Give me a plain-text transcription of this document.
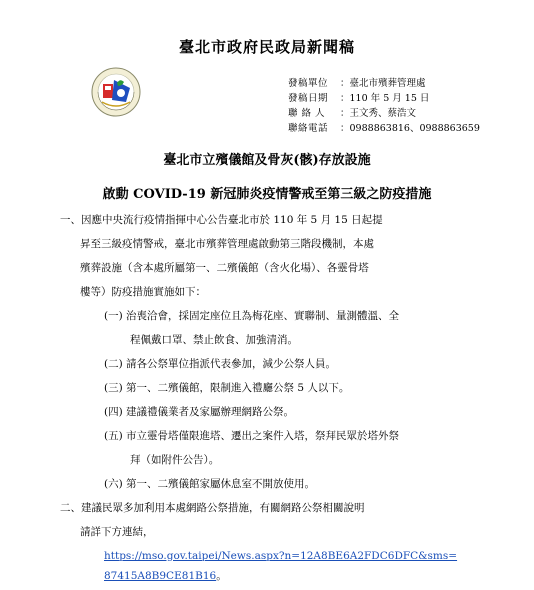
臺北市政府民政局新聞稿
發稿單位 ：臺北市殯葬管理處
發稿日期 ：110 年 5 月 15 日
聯 絡 人 ：王文秀、蔡浩文
聯絡電話 ：0988863816、0988863659
臺北市立殯儀館及骨灰(骸)存放設施
啟動 COVID-19 新冠肺炎疫情警戒至第三級之防疫措施
一、因應中央流行疫情指揮中心公告臺北市於 110 年 5 月 15 日起提
昇至三級疫情警戒，臺北市殯葬管理處啟動第三階段機制，本處
殯葬設施（含本處所屬第一、二殯儀館（含火化場）、各靈骨塔
樓等）防疫措施實施如下：
(一) 治喪洽會，採固定座位且為梅花座、實聯制、量測體溫、全
程佩戴口罩、禁止飲食、加強清消。
(二) 請各公祭單位指派代表參加，減少公祭人員。
(三) 第一、二殯儀館，限制進入禮廳公祭 5 人以下。
(四) 建議禮儀業者及家屬辦理網路公祭。
(五) 市立靈骨塔僅限進塔、遷出之案件入塔，祭拜民眾於塔外祭
拜（如附件公告）。
(六) 第一、二殯儀館家屬休息室不開放使用。
二、建議民眾多加利用本處網路公祭措施，有關網路公祭相關說明
請詳下方連結，
https://mso.gov.taipei/News.aspx?n=12A8BE6A2FDC6DFC&sms=
87415A8B9CE81B16。
